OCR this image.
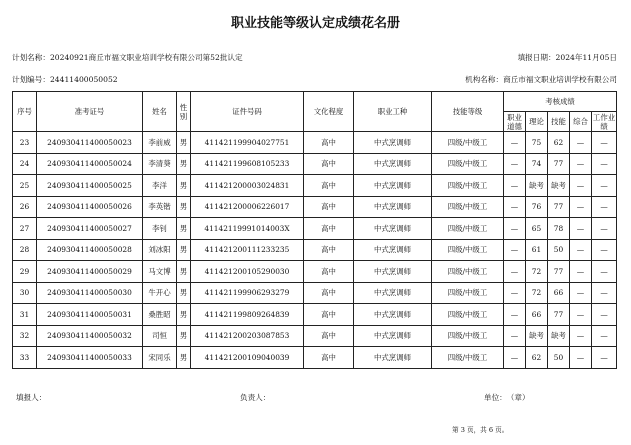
职业技能等级认定成绩花名册
计划名称：20240921商丘市福文职业培训学校有限公司第52批认定	填报日期：2024年11月05日
计划编号：24411400050052	机构名称：商丘市福文职业培训学校有限公司
序号	准考证号	姓名	性别	证件号码	文化程度	职业工种	技能等级	考核成绩				
								职业道德	理论	技能	综合	工作业绩
23	240930411400050023	李前威	男	411421199904027751	高中	中式烹调师	四级/中级工	—	75	62	—	—
24	240930411400050024	李清葵	男	411421199608105233	高中	中式烹调师	四级/中级工	—	74	77	—	—
25	240930411400050025	李洋	男	411421200003024831	高中	中式烹调师	四级/中级工	—	缺考	缺考	—	—
26	240930411400050026	李英锴	男	411421200006226017	高中	中式烹调师	四级/中级工	—	76	77	—	—
27	240930411400050027	李钊	男	41142119991014003X	高中	中式烹调师	四级/中级工	—	65	78	—	—
28	240930411400050028	刘冰阳	男	411421200111233235	高中	中式烹调师	四级/中级工	—	61	50	—	—
29	240930411400050029	马文博	男	411421200105290030	高中	中式烹调师	四级/中级工	—	72	77	—	—
30	240930411400050030	牛开心	男	411421199906293279	高中	中式烹调师	四级/中级工	—	72	66	—	—
31	240930411400050031	桑胜昭	男	411421199809264839	高中	中式烹调师	四级/中级工	—	66	77	—	—
32	240930411400050032	司恒	男	411421200203087853	高中	中式烹调师	四级/中级工	—	缺考	缺考	—	—
33	240930411400050033	宋同乐	男	411421200109040039	高中	中式烹调师	四级/中级工	—	62	50	—	—
填报人：	负责人：	单位：　（章）
第 3 页，共 6 页。
